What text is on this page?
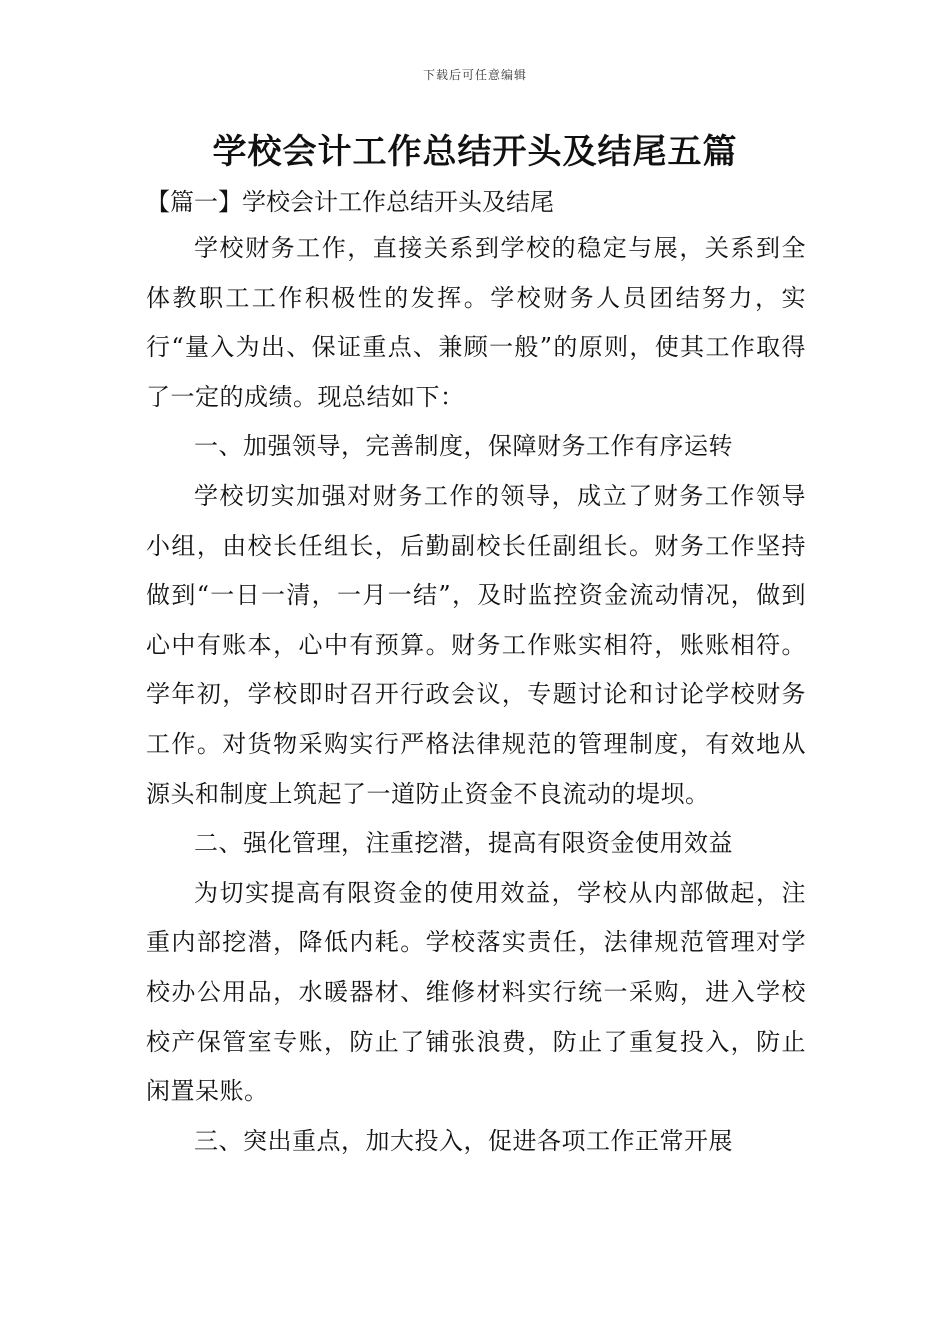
下载后可任意编辑
学校会计工作总结开头及结尾五篇
【篇一】学校会计工作总结开头及结尾

学校财务工作，直接关系到学校的稳定与展，关系到全体教职工工作积极性的发挥。学校财务人员团结努力，实行“量入为出、保证重点、兼顾一般”的原则，使其工作取得了一定的成绩。现总结如下：

一、加强领导，完善制度，保障财务工作有序运转

学校切实加强对财务工作的领导，成立了财务工作领导小组，由校长任组长，后勤副校长任副组长。财务工作坚持做到“一日一清，一月一结”，及时监控资金流动情况，做到心中有账本，心中有预算。财务工作账实相符，账账相符。学年初，学校即时召开行政会议，专题讨论和讨论学校财务工作。对货物采购实行严格法律规范的管理制度，有效地从源头和制度上筑起了一道防止资金不良流动的堤坝。

二、强化管理，注重挖潜，提高有限资金使用效益

为切实提高有限资金的使用效益，学校从内部做起，注重内部挖潜，降低内耗。学校落实责任，法律规范管理对学校办公用品，水暖器材、维修材料实行统一采购，进入学校校产保管室专账，防止了铺张浪费，防止了重复投入，防止闲置呆账。

三、突出重点，加大投入，促进各项工作正常开展
